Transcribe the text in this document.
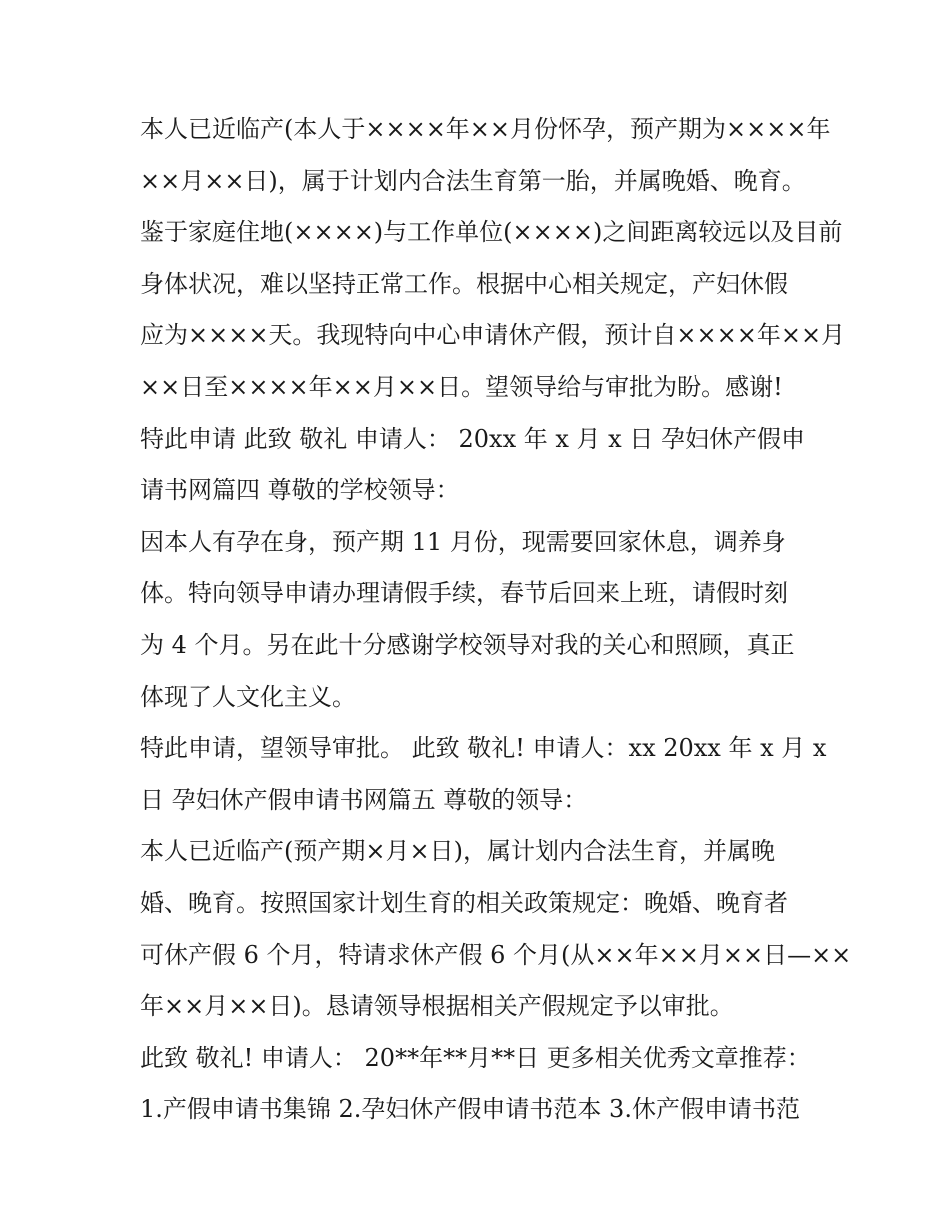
本人已近临产(本人于××××年××月份怀孕，预产期为××××年
××月××日)，属于计划内合法生育第一胎，并属晚婚、晚育。
鉴于家庭住地(××××)与工作单位(××××)之间距离较远以及目前
身体状况，难以坚持正常工作。根据中心相关规定，产妇休假
应为××××天。我现特向中心申请休产假，预计自××××年××月
××日至××××年××月××日。望领导给与审批为盼。感谢!
特此申请 此致 敬礼 申请人： 20xx 年 x 月 x 日 孕妇休产假申
请书网篇四 尊敬的学校领导：
因本人有孕在身，预产期 11 月份，现需要回家休息，调养身
体。特向领导申请办理请假手续，春节后回来上班，请假时刻
为 4 个月。另在此十分感谢学校领导对我的关心和照顾，真正
体现了人文化主义。
特此申请，望领导审批。 此致 敬礼! 申请人：xx 20xx 年 x 月 x
日 孕妇休产假申请书网篇五 尊敬的领导：
本人已近临产(预产期×月×日)，属计划内合法生育，并属晚
婚、晚育。按照国家计划生育的相关政策规定：晚婚、晚育者
可休产假 6 个月，特请求休产假 6 个月(从××年××月××日—××
年××月××日)。恳请领导根据相关产假规定予以审批。
此致 敬礼! 申请人： 20**年**月**日 更多相关优秀文章推荐：
1.产假申请书集锦 2.孕妇休产假申请书范本 3.休产假申请书范
